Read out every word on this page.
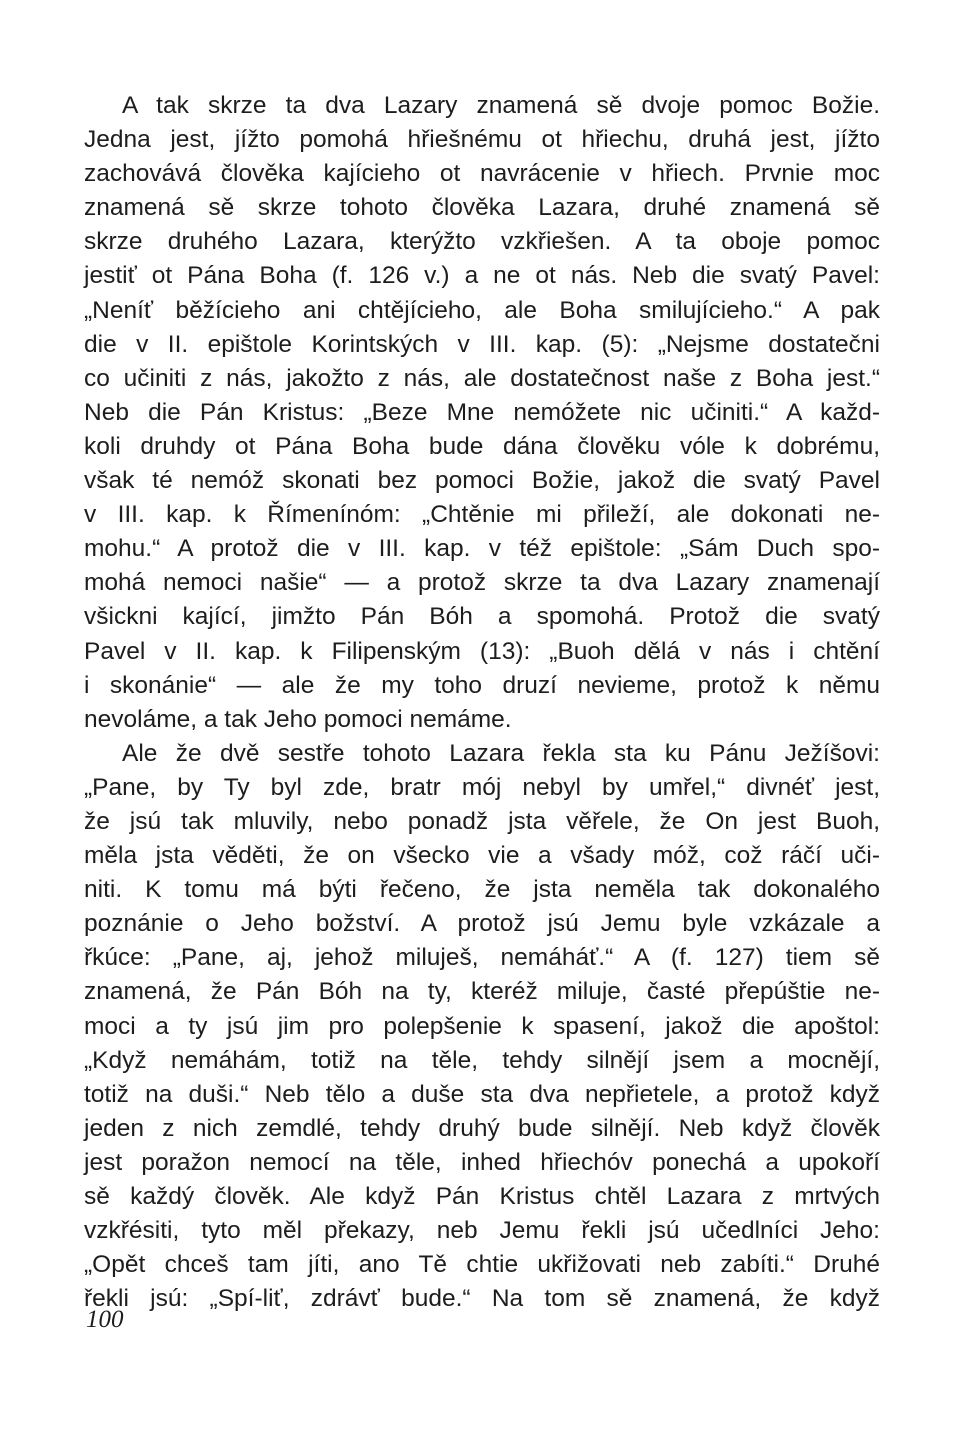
A tak skrze ta dva Lazary znamená sě dvoje pomoc Božie.
Jedna jest, jížto pomohá hřiešnému ot hřiechu, druhá jest, jížto
zachovává člověka kajícieho ot navrácenie v hřiech. Prvnie moc
znamená sě skrze tohoto člověka Lazara, druhé znamená sě
skrze druhého Lazara, kterýžto vzkřiešen. A ta oboje pomoc
jestiť ot Pána Boha (f. 126 v.) a ne ot nás. Neb die svatý Pavel:
„Neníť běžícieho ani chtějícieho, ale Boha smilujícieho.“ A pak
die v II. epištole Korintských v III. kap. (5): „Nejsme dostatečni
co učiniti z nás, jakožto z nás, ale dostatečnost naše z Boha jest.“
Neb die Pán Kristus: „Beze Mne nemóžete nic učiniti.“ A každ-
koli druhdy ot Pána Boha bude dána člověku vóle k dobrému,
však té nemóž skonati bez pomoci Božie, jakož die svatý Pavel
v III. kap. k Římenínóm: „Chtěnie mi přileží, ale dokonati ne-
mohu.“ A protož die v III. kap. v též epištole: „Sám Duch spo-
mohá nemoci našie“ — a protož skrze ta dva Lazary znamenají
všickni kající, jimžto Pán Bóh a spomohá. Protož die svatý
Pavel v II. kap. k Filipenským (13): „Buoh dělá v nás i chtění
i skonánie“ — ale že my toho druzí nevieme, protož k němu
nevoláme, a tak Jeho pomoci nemáme.
Ale že dvě sestře tohoto Lazara řekla sta ku Pánu Ježíšovi:
„Pane, by Ty byl zde, bratr mój nebyl by umřel,“ divnéť jest,
že jsú tak mluvily, nebo ponadž jsta věřele, že On jest Buoh,
měla jsta věděti, že on všecko vie a všady móž, což ráčí uči-
niti. K tomu má býti řečeno, že jsta neměla tak dokonalého
poznánie o Jeho božství. A protož jsú Jemu byle vzkázale a
řkúce: „Pane, aj, jehož miluješ, nemáháť.“ A (f. 127) tiem sě
znamená, že Pán Bóh na ty, kteréž miluje, časté přepúštie ne-
moci a ty jsú jim pro polepšenie k spasení, jakož die apoštol:
„Když nemáhám, totiž na těle, tehdy silnějí jsem a mocnějí,
totiž na duši.“ Neb tělo a duše sta dva nepřietele, a protož když
jeden z nich zemdlé, tehdy druhý bude silnějí. Neb když člověk
jest poražon nemocí na těle, inhed hřiechóv ponechá a upokoří
sě každý člověk. Ale když Pán Kristus chtěl Lazara z mrtvých
vzkřésiti, tyto měl překazy, neb Jemu řekli jsú učedlníci Jeho:
„Opět chceš tam jíti, ano Tě chtie ukřižovati neb zabíti.“ Druhé
řekli jsú: „Spí-liť, zdrávť bude.“ Na tom sě znamená, že když
100
